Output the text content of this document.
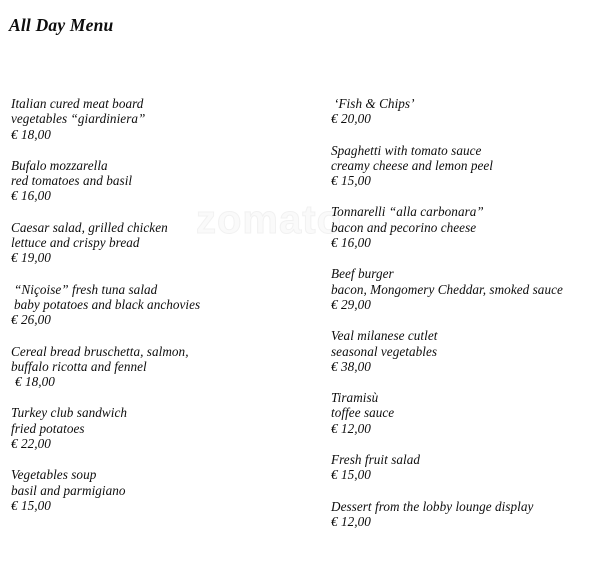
zomato
All Day Menu
Italian cured meat board
vegetables “giardiniera”
€ 18,00
Bufalo mozzarella
red tomatoes and basil
€ 16,00
Caesar salad, grilled chicken
lettuce and crispy bread
€ 19,00
“Niçoise” fresh tuna salad
baby potatoes and black anchovies
€ 26,00
Cereal bread bruschetta, salmon,
buffalo ricotta and fennel
€ 18,00
Turkey club sandwich
fried potatoes
€ 22,00
Vegetables soup
basil and parmigiano
€ 15,00
‘Fish & Chips’
€ 20,00
Spaghetti with tomato sauce
creamy cheese and lemon peel
€ 15,00
Tonnarelli “alla carbonara”
bacon and pecorino cheese
€ 16,00
Beef burger
bacon, Mongomery Cheddar, smoked sauce
€ 29,00
Veal milanese cutlet
seasonal vegetables
€ 38,00
Tiramisù
toffee sauce
€ 12,00
Fresh fruit salad
€ 15,00
Dessert from the lobby lounge display
€ 12,00
